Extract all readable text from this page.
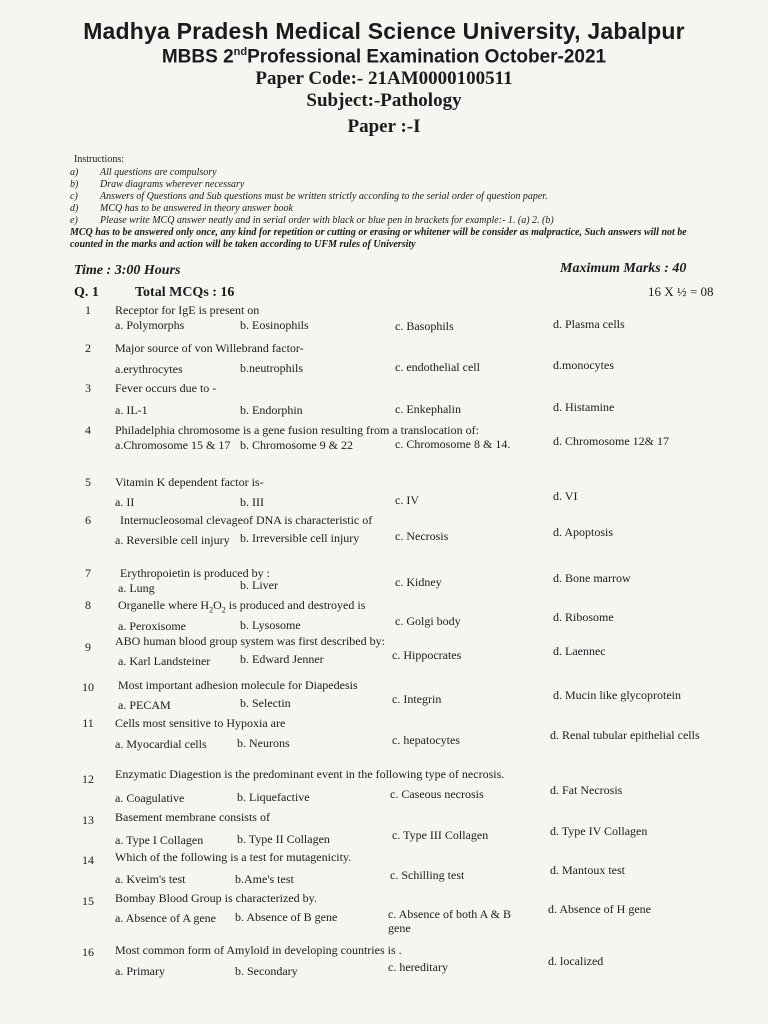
Madhya Pradesh Medical Science University, Jabalpur
MBBS 2ndProfessional Examination October-2021
Paper Code:- 21AM0000100511
Subject:-Pathology
Paper :-I
Instructions:
a) All questions are compulsory
b) Draw diagrams wherever necessary
c) Answers of Questions and Sub questions must be written strictly according to the serial order of question paper.
d) MCQ has to be answered in theory answer book
e) Please write MCQ answer neatly and in serial order with black or blue pen in brackets for example:- 1. (a) 2. (b)
MCQ has to be answered only once, any kind for repetition or cutting or erasing or whitener will be consider as malpractice, Such answers will not be counted in the marks and action will be taken according to UFM rules of University
Time : 3:00 Hours	Maximum Marks : 40
Q. 1	Total MCQs : 16	16 X ½ = 08
1	Receptor for IgE is present on
a. Polymorphs	b. Eosinophils	c. Basophils	d. Plasma cells
2	Major source of von Willebrand factor-
a.erythrocytes	b.neutrophils	c. endothelial cell	d.monocytes
3	Fever occurs due to -
a. IL-1	b. Endorphin	c. Enkephalin	d. Histamine
4	Philadelphia chromosome is a gene fusion resulting from a translocation of:
a.Chromosome 15 & 17 b. Chromosome 9 & 22	c. Chromosome 8 & 14.	d. Chromosome 12& 17
5	Vitamin K dependent factor is-
a. II	b. III	c. IV	d. VI
6	Internucleosomal clevageof DNA is characteristic of
a. Reversible cell injury b. Irreversible cell injury	c. Necrosis	d. Apoptosis
7	Erythropoietin is produced by :
a. Lung	b. Liver	c. Kidney	d. Bone marrow
8	Organelle where $H_2O_2$ is produced and destroyed is
a. Peroxisome	b. Lysosome	c. Golgi body	d. Ribosome
9	ABO human blood group system was first described by:
a. Karl Landsteiner	b. Edward Jenner	c. Hippocrates	d. Laennec
10	Most important adhesion molecule for Diapedesis
a. PECAM	b. Selectin	c. Integrin	d. Mucin like glycoprotein
11	Cells most sensitive to Hypoxia are
a. Myocardial cells	b. Neurons	c. hepatocytes	d. Renal tubular epithelial cells
12	Enzymatic Diagestion is the predominant event in the following type of necrosis.
a. Coagulative	b. Liquefactive	c. Caseous necrosis	d. Fat Necrosis
13	Basement membrane consists of
a. Type I Collagen	b. Type II Collagen	c. Type III Collagen	d. Type IV Collagen
14	Which of the following is a test for mutagenicity.
a. Kveim's test	b.Ame's test	c. Schilling test	d. Mantoux test
15	Bombay Blood Group is characterized by.
a. Absence of A gene	b. Absence of B gene	c. Absence of both A & B gene
d. Absence of H gene
16	Most common form of Amyloid in developing countries is .
a. Primary	b. Secondary	c. hereditary	d. localized
